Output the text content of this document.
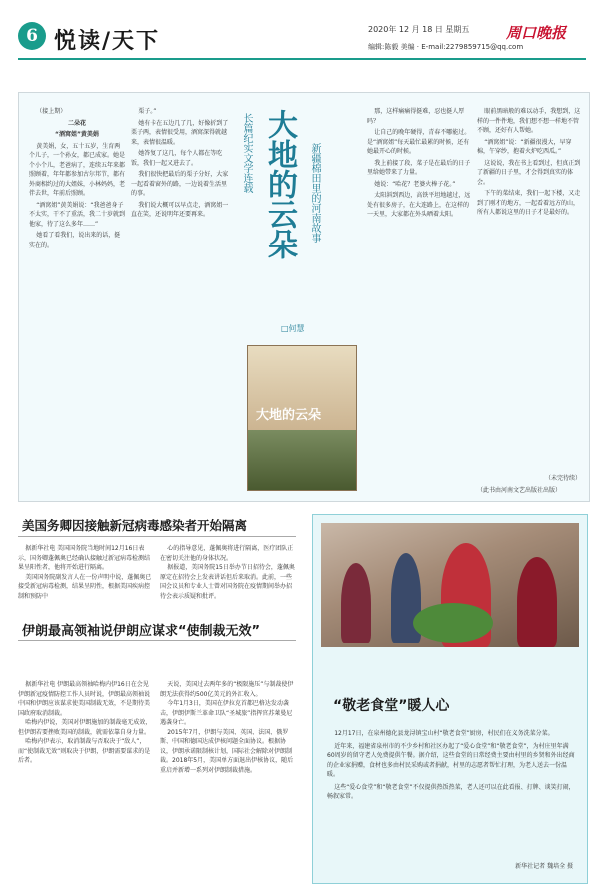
6 悦读/天下	2020年 12 月 18 日 星期五
编辑:陈毅 美编 · E-mail:2279859715@qq.com
周口晚报

（接上期）

二朵花

“酒窝姐”黄美娟

黄美娟，女，五十五岁，生育两个儿子，一个孙女，都已成家。她是个小个儿，老爸病了，连续五年来都照顾着，年年都参加古尔邦节，都有外商相约过的大姐妹，小林妈妈，老伴去世，年前后照顾。

“酒窝姐”黄美娟说：“我爸爸身子不太实，干不了重活，我二十岁就到他家，待了这么多年……”

她看了看我们，说出来的话，挺实在的。

栗子。”

她有卡在五边几了几，好像折到了栗子两，表情很受用，酒窝深得就越来，表情很温暖。

她答复了这几，每个人都在等吃饭，我们一起又进去了。

我们很快把最后的栗子分好，大家一起看着窗外的路，一边说着生活里的事。

我们说大概可以早点走，酒窝姐一直在笑，还说明年还要再来。

长篇纪实文学连载 大地的云朵	新疆棉田里的河南故事
□何慧
大地的云朵

那，这样痛痛得挺难，忍也挺人厚吗？

让自己的晚年硬得，青春不哪能过。是“酒窝姐”每天最忙最累的时候，还有她最开心的时候。

我上前接了段，菜子是在最后的日子里给她带来了力量。

她说：“哈花？老婆火棒子花。”

太阳斜到西边，高铁平坦地越过，远处有很多房子，在大连路上，在这样的一天里，大家都在外头晒着太阳。

眼前黑暗般的难以动手，我想到，这样的一件件地，我们想不想一样地不管不顾，还好有人帮她。

“酒窝姐”说：“新疆很漫大，早穿棉，午穿纱，抱着火炉吃西瓜。”

这说说，我在书上看到过，但真正到了新疆的日子里，才会得到真实的体会。

下午的菜结束，我们一起下楼，又走到了刚才的地方，一起看着远方的山，所有人都说这里的日子才是最好的。

（未完待续）
（此书由河南文艺出版社出版）
美国务卿因接触新冠病毒感染者开始隔离

据新华社电 美国国务院当地时间12月16日表示，国务卿蓬佩奥已经确认接触过新冠病毒检测结果呈阳性者，他将开始进行隔离。

美国国务院副发言人在一份声明中说，蓬佩奥已接受新冠病毒检测，结果呈阴性，根据美国疾病控制和预防中

心的指导意见，蓬佩奥将进行隔离，医疗团队正在密切关注他的身体状况。

据报道，美国务院15日举办节日招待会，蓬佩奥原定在招待会上发表讲话但后来取消。此前，一些国会议员和专业人士曾对国务院在疫情期间举办招待会表示质疑和批评。

伊朗最高领袖说伊朗应谋求“使制裁无效”

据新华社电 伊朗最高领袖哈梅内伊16日在会见伊朗新冠疫情防控工作人员时说，伊朗最高领袖说中国和伊朗应该谋求使美国制裁无效，不是期待美国政府取消制裁。

哈梅内伊说，美国对伊朗施加的制裁毫无成效，但伊朗若要挫败美国的制裁，就需依靠自身力量。

哈梅内伊表示，取消制裁与否取决于“敌人”，而“使制裁无效”则取决于伊朗，伊朗需要谋求的是后者。

天说，美国过去两年多的“极限施压”与制裁使伊朗无法获得约500亿美元的外汇收入。

今年1月3日，美国在伊拉克首都巴格达发动袭击，伊朗伊斯兰革命卫队“圣城旅”指挥官苏莱曼尼遇袭身亡。

2015年7月，伊朗与美国、英国、法国、俄罗斯、中国和德国达成伊核问题全面协议。根据协议，伊朗承诺限制核计划，国际社会解除对伊朗制裁。2018年5月，美国单方面退出伊核协议，随后重启并新增一系列对伊朗制裁措施。

“敬老食堂”暖人心

12月17日，在泉州德化县龙浔镇宝山村“敬老食堂”厨房，村民们在义务洗菜分菜。

近年来，福建省泉州市的不少乡村和社区办起了“爱心食堂”和“敬老食堂”，为村庄里年满60周岁的留守老人免费提供午餐。据介绍，这些食堂的日常经费主要由村里的乡贤和外出经商的企业家捐赠，食材也多由村民采购或者捐献，村里的志愿者帮忙打理，为老人送去一份温暖。

这些“爱心食堂”和“敬老食堂”不仅提供热饭热菜，老人还可以在此看报、打牌、谈笑打闹，畅叙家常。

新华社记者 魏培全 摄
